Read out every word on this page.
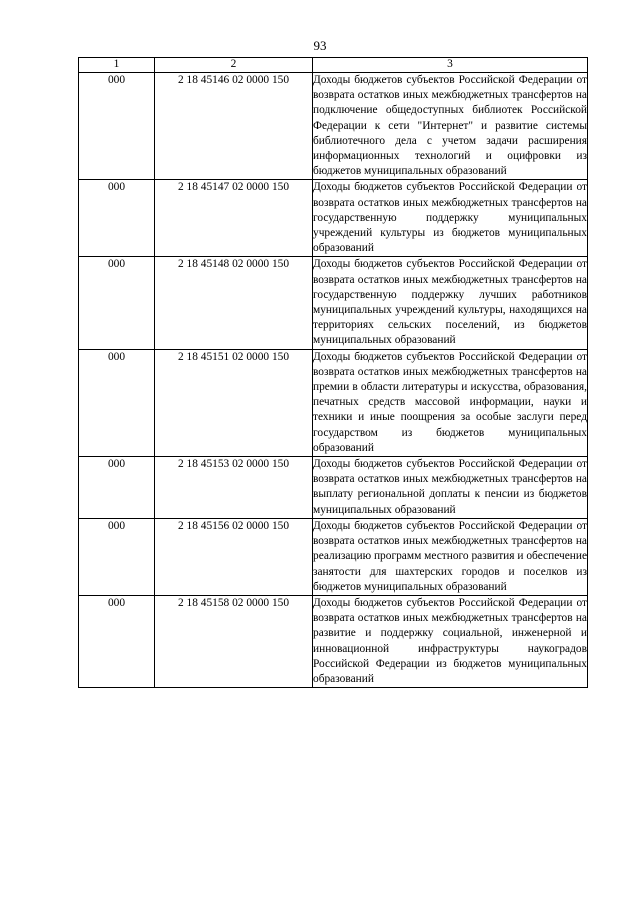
93
1	2	3
000	2 18 45146 02 0000 150	Доходы бюджетов субъектов Российской Федерации от возврата остатков иных межбюджетных трансфертов на подключение общедоступных библиотек Российской Федерации к сети "Интернет" и развитие системы библиотечного дела с учетом задачи расширения информационных технологий и оцифровки из бюджетов муниципальных образований
000	2 18 45147 02 0000 150	Доходы бюджетов субъектов Российской Федерации от возврата остатков иных межбюджетных трансфертов на государственную поддержку муниципальных учреждений культуры из бюджетов муниципальных образований
000	2 18 45148 02 0000 150	Доходы бюджетов субъектов Российской Федерации от возврата остатков иных межбюджетных трансфертов на государственную поддержку лучших работников муниципальных учреждений культуры, находящихся на территориях сельских поселений, из бюджетов муниципальных образований
000	2 18 45151 02 0000 150	Доходы бюджетов субъектов Российской Федерации от возврата остатков иных межбюджетных трансфертов на премии в области литературы и искусства, образования, печатных средств массовой информации, науки и техники и иные поощрения за особые заслуги перед государством из бюджетов муниципальных образований
000	2 18 45153 02 0000 150	Доходы бюджетов субъектов Российской Федерации от возврата остатков иных межбюджетных трансфертов на выплату региональной доплаты к пенсии из бюджетов муниципальных образований
000	2 18 45156 02 0000 150	Доходы бюджетов субъектов Российской Федерации от возврата остатков иных межбюджетных трансфертов на реализацию программ местного развития и обеспечение занятости для шахтерских городов и поселков из бюджетов муниципальных образований
000	2 18 45158 02 0000 150	Доходы бюджетов субъектов Российской Федерации от возврата остатков иных межбюджетных трансфертов на развитие и поддержку социальной, инженерной и инновационной инфраструктуры наукоградов Российской Федерации из бюджетов муниципальных образований
